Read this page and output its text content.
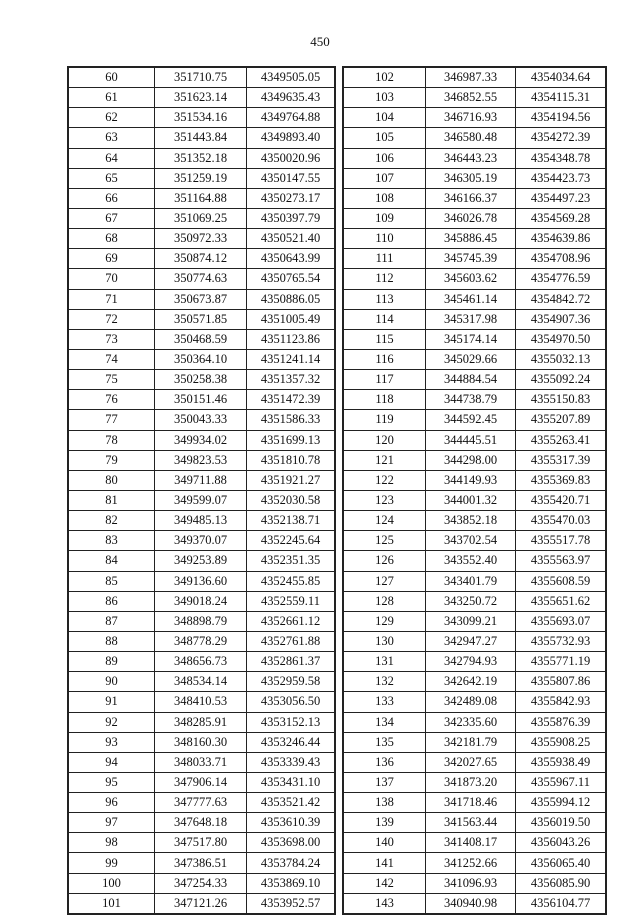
450
60	351710.75	4349505.05
61	351623.14	4349635.43
62	351534.16	4349764.88
63	351443.84	4349893.40
64	351352.18	4350020.96
65	351259.19	4350147.55
66	351164.88	4350273.17
67	351069.25	4350397.79
68	350972.33	4350521.40
69	350874.12	4350643.99
70	350774.63	4350765.54
71	350673.87	4350886.05
72	350571.85	4351005.49
73	350468.59	4351123.86
74	350364.10	4351241.14
75	350258.38	4351357.32
76	350151.46	4351472.39
77	350043.33	4351586.33
78	349934.02	4351699.13
79	349823.53	4351810.78
80	349711.88	4351921.27
81	349599.07	4352030.58
82	349485.13	4352138.71
83	349370.07	4352245.64
84	349253.89	4352351.35
85	349136.60	4352455.85
86	349018.24	4352559.11
87	348898.79	4352661.12
88	348778.29	4352761.88
89	348656.73	4352861.37
90	348534.14	4352959.58
91	348410.53	4353056.50
92	348285.91	4353152.13
93	348160.30	4353246.44
94	348033.71	4353339.43
95	347906.14	4353431.10
96	347777.63	4353521.42
97	347648.18	4353610.39
98	347517.80	4353698.00
99	347386.51	4353784.24
100	347254.33	4353869.10
101	347121.26	4353952.57
102	346987.33	4354034.64
103	346852.55	4354115.31
104	346716.93	4354194.56
105	346580.48	4354272.39
106	346443.23	4354348.78
107	346305.19	4354423.73
108	346166.37	4354497.23
109	346026.78	4354569.28
110	345886.45	4354639.86
111	345745.39	4354708.96
112	345603.62	4354776.59
113	345461.14	4354842.72
114	345317.98	4354907.36
115	345174.14	4354970.50
116	345029.66	4355032.13
117	344884.54	4355092.24
118	344738.79	4355150.83
119	344592.45	4355207.89
120	344445.51	4355263.41
121	344298.00	4355317.39
122	344149.93	4355369.83
123	344001.32	4355420.71
124	343852.18	4355470.03
125	343702.54	4355517.78
126	343552.40	4355563.97
127	343401.79	4355608.59
128	343250.72	4355651.62
129	343099.21	4355693.07
130	342947.27	4355732.93
131	342794.93	4355771.19
132	342642.19	4355807.86
133	342489.08	4355842.93
134	342335.60	4355876.39
135	342181.79	4355908.25
136	342027.65	4355938.49
137	341873.20	4355967.11
138	341718.46	4355994.12
139	341563.44	4356019.50
140	341408.17	4356043.26
141	341252.66	4356065.40
142	341096.93	4356085.90
143	340940.98	4356104.77
